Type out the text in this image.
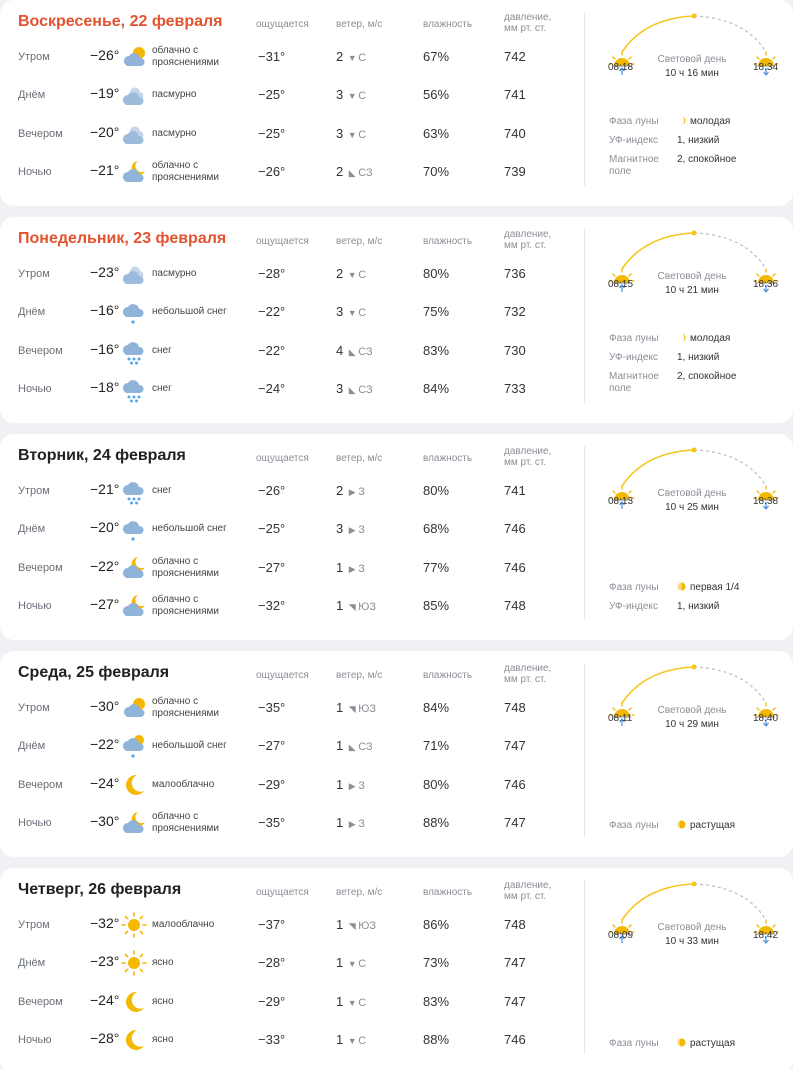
Воскресенье, 22 февраля	ощущается	ветер, м/с	влажность
давление,
мм рт. ст.
Утром	−26°	облачно с
прояснениями	−31°	2 ▼ С	67%	742
Днём	−19°	пасмурно	−25°	3 ▼ С	56%	741
Вечером −20°	пасмурно	−25°	3 ▼ С	63%	740
Ночью	−21°	облачно с
прояснениями	−26°	2 ◣ СЗ	70%	739
08:18	18:34
Световой день
10 ч 16 мин
Фаза луны	молодая
УФ-индекс	1, низкий
Магнитное
поле
2, спокойное
Понедельник, 23 февраля	ощущается	ветер, м/с	влажность
давление,
мм рт. ст.
Утром	−23°	пасмурно	−28°	2 ▼ С	80%	736
Днём	−16°	небольшой снег	−22°	3 ▼ С	75%	732
Вечером −16°	снег	−22°	4 ◣ СЗ	83%	730
Ночью	−18°	снег	−24°	3 ◣ СЗ	84%	733
08:15	18:36
Световой день
10 ч 21 мин
Фаза луны	молодая
УФ-индекс	1, низкий
Магнитное
поле
2, спокойное
Вторник, 24 февраля	ощущается	ветер, м/с	влажность
давление,
мм рт. ст.
Утром	−21°	снег	−26°	2 ▶ З	80%	741
Днём	−20°	небольшой снег	−25°	3 ▶ З	68%	746
Вечером −22°	облачно с
прояснениями	−27°	1 ▶ З	77%	746
Ночью	−27°	облачно с
прояснениями	−32°	1 ◥ ЮЗ	85%	748
08:13	18:38
Световой день
10 ч 25 мин
Фаза луны	первая 1/4
УФ-индекс	1, низкий
Среда, 25 февраля	ощущается	ветер, м/с	влажность
давление,
мм рт. ст.
Утром	−30°	облачно с
прояснениями	−35°	1 ◥ ЮЗ	84%	748
Днём	−22°	небольшой снег	−27°	1 ◣ СЗ	71%	747
Вечером −24°	малооблачно	−29°	1 ▶ З	80%	746
Ночью	−30°	облачно с
прояснениями	−35°	1 ▶ З	88%	747
08:11	18:40
Световой день
10 ч 29 мин
Фаза луны	растущая
Четверг, 26 февраля	ощущается	ветер, м/с	влажность
давление,
мм рт. ст.
Утром	−32°	малооблачно	−37°	1 ◥ ЮЗ	86%	748
Днём	−23°	ясно	−28°	1 ▼ С	73%	747
Вечером −24°	ясно	−29°	1 ▼ С	83%	747
Ночью	−28°	ясно	−33°	1 ▼ С	88%	746
08:09	18:42
Световой день
10 ч 33 мин
Фаза луны	растущая
